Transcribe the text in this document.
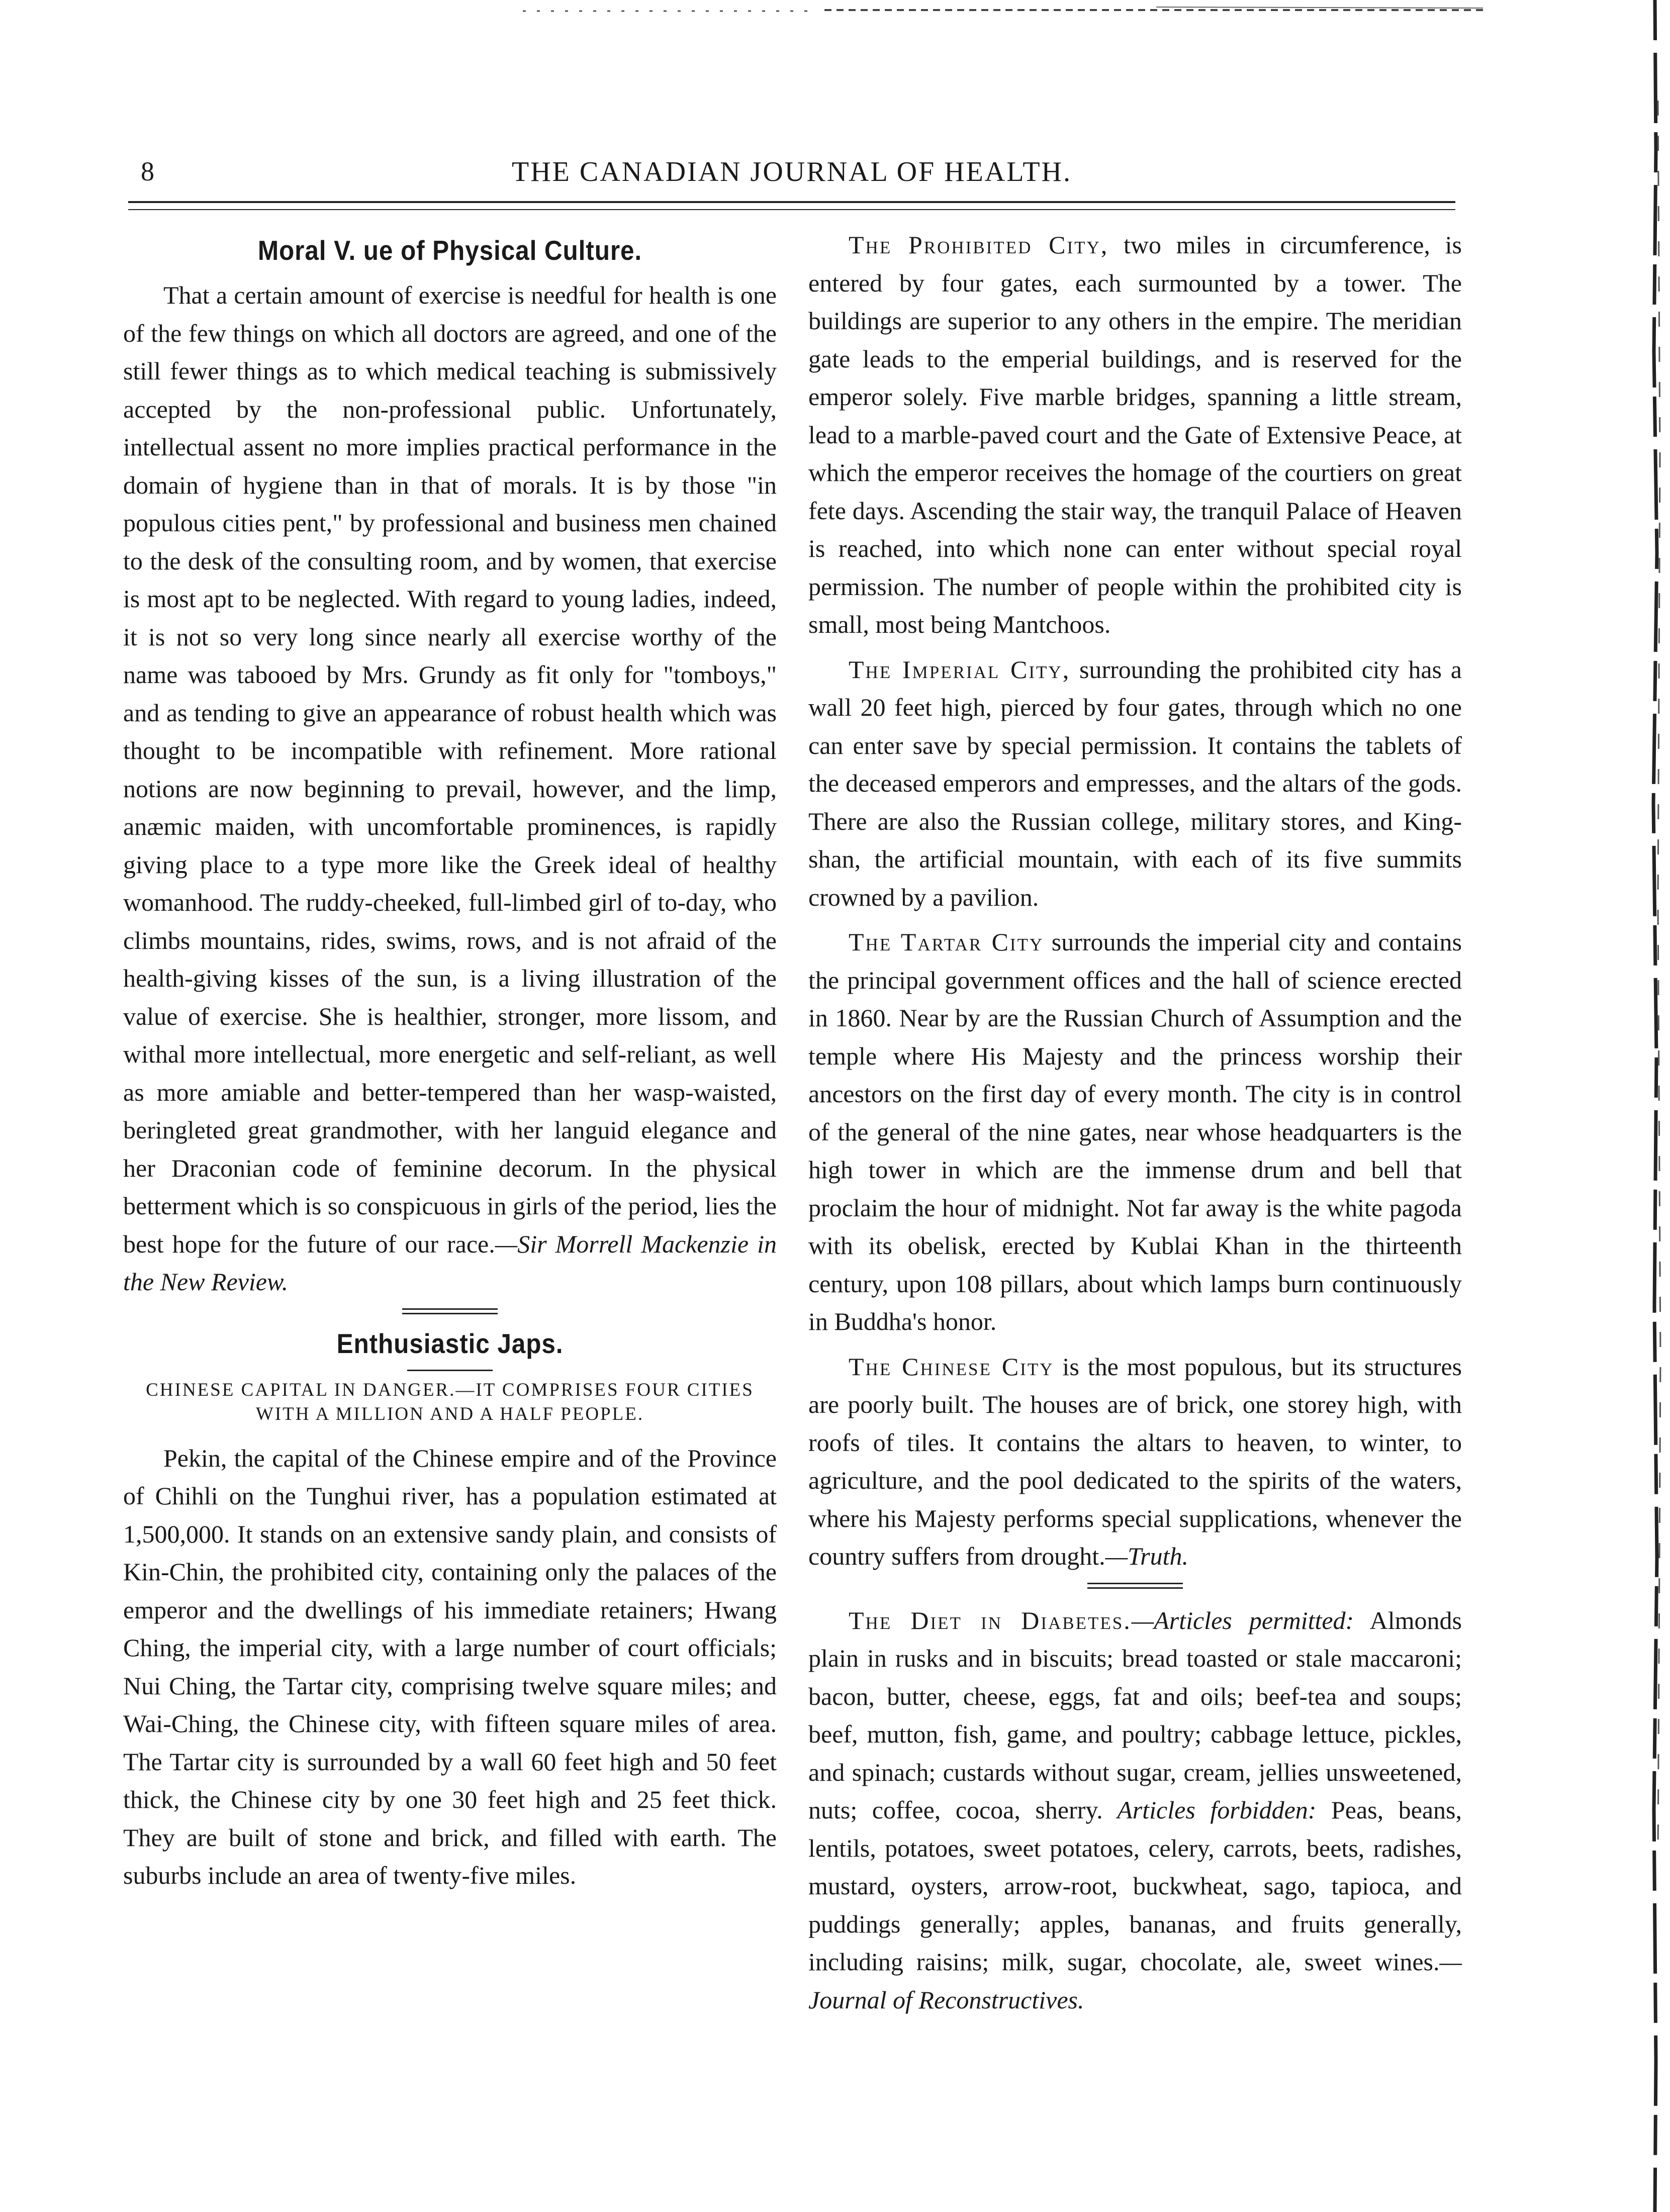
8	THE CANADIAN JOURNAL OF HEALTH.
Moral V. ue of Physical Culture.

That a certain amount of exercise is needful for health is one of the few things on which all doctors are agreed, and one of the still fewer things as to which medical teaching is submissively accepted by the non-professional public. Unfortunately, intellectual assent no more implies practical performance in the domain of hygiene than in that of morals. It is by those "in populous cities pent," by professional and business men chained to the desk of the consulting room, and by women, that exercise is most apt to be neglected. With regard to young ladies, indeed, it is not so very long since nearly all exercise worthy of the name was tabooed by Mrs. Grundy as fit only for "tomboys," and as tending to give an appearance of robust health which was thought to be incompatible with refinement. More rational notions are now beginning to prevail, however, and the limp, anæmic maiden, with uncomfortable prominences, is rapidly giving place to a type more like the Greek ideal of healthy womanhood. The ruddy-cheeked, full-limbed girl of to-day, who climbs mountains, rides, swims, rows, and is not afraid of the health-giving kisses of the sun, is a living illustration of the value of exercise. She is healthier, stronger, more lissom, and withal more intellectual, more energetic and self-reliant, as well as more amiable and better-tempered than her wasp-waisted, beringleted great grandmother, with her languid elegance and her Draconian code of feminine decorum. In the physical betterment which is so conspicuous in girls of the period, lies the best hope for the future of our race.—Sir Morrell Mackenzie in the New Review.

Enthusiastic Japs.
CHINESE CAPITAL IN DANGER.—IT COMPRISES FOUR CITIES WITH A MILLION AND A HALF PEOPLE.

Pekin, the capital of the Chinese empire and of the Province of Chihli on the Tunghui river, has a population estimated at 1,500,000. It stands on an extensive sandy plain, and consists of Kin-Chin, the prohibited city, containing only the palaces of the emperor and the dwellings of his immediate retainers; Hwang Ching, the imperial city, with a large number of court officials; Nui Ching, the Tartar city, comprising twelve square miles; and Wai-Ching, the Chinese city, with fifteen square miles of area. The Tartar city is surrounded by a wall 60 feet high and 50 feet thick, the Chinese city by one 30 feet high and 25 feet thick. They are built of stone and brick, and filled with earth. The suburbs include an area of twenty-five miles.

The Prohibited City, two miles in circumference, is entered by four gates, each surmounted by a tower. The buildings are superior to any others in the empire. The meridian gate leads to the emperial buildings, and is reserved for the emperor solely. Five marble bridges, spanning a little stream, lead to a marble-paved court and the Gate of Extensive Peace, at which the emperor receives the homage of the courtiers on great fete days. Ascending the stair way, the tranquil Palace of Heaven is reached, into which none can enter without special royal permission. The number of people within the prohibited city is small, most being Mantchoos.

The Imperial City, surrounding the prohibited city has a wall 20 feet high, pierced by four gates, through which no one can enter save by special permission. It contains the tablets of the deceased emperors and empresses, and the altars of the gods. There are also the Russian college, military stores, and King-shan, the artificial mountain, with each of its five summits crowned by a pavilion.

The Tartar City surrounds the imperial city and contains the principal government offices and the hall of science erected in 1860. Near by are the Russian Church of Assumption and the temple where His Majesty and the princess worship their ancestors on the first day of every month. The city is in control of the general of the nine gates, near whose headquarters is the high tower in which are the immense drum and bell that proclaim the hour of midnight. Not far away is the white pagoda with its obelisk, erected by Kublai Khan in the thirteenth century, upon 108 pillars, about which lamps burn continuously in Buddha's honor.

The Chinese City is the most populous, but its structures are poorly built. The houses are of brick, one storey high, with roofs of tiles. It contains the altars to heaven, to winter, to agriculture, and the pool dedicated to the spirits of the waters, where his Majesty performs special supplications, whenever the country suffers from drought.—Truth.

The Diet in Diabetes.—Articles permitted: Almonds plain in rusks and in biscuits; bread toasted or stale maccaroni; bacon, butter, cheese, eggs, fat and oils; beef-tea and soups; beef, mutton, fish, game, and poultry; cabbage lettuce, pickles, and spinach; custards without sugar, cream, jellies unsweetened, nuts; coffee, cocoa, sherry. Articles forbidden: Peas, beans, lentils, potatoes, sweet potatoes, celery, carrots, beets, radishes, mustard, oysters, arrow-root, buckwheat, sago, tapioca, and puddings generally; apples, bananas, and fruits generally, including raisins; milk, sugar, chocolate, ale, sweet wines.—Journal of Reconstructives.
